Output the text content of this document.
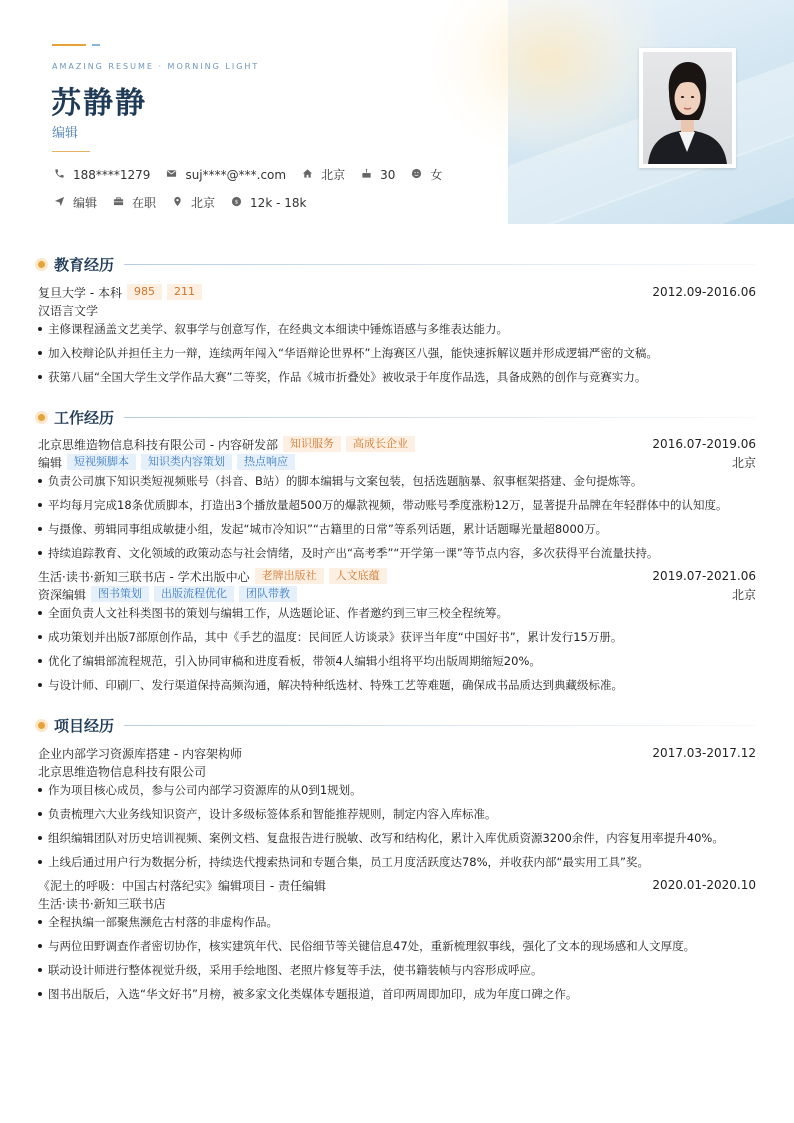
AMAZING RESUME · MORNING LIGHT
苏静静
编辑
188****1279	suj****@***.com	北京	30	女
编辑	在职	北京 $ 12k - 18k
教育经历
复旦大学 - 本科	985	211	2012.09-2016.06
汉语言文学
主修课程涵盖文艺美学、叙事学与创意写作，在经典文本细读中锤炼语感与多维表达能力。
加入校辩论队并担任主力一辩，连续两年闯入“华语辩论世界杯”上海赛区八强，能快速拆解议题并形成逻辑严密的文稿。
获第八届“全国大学生文学作品大赛”二等奖，作品《城市折叠处》被收录于年度作品选，具备成熟的创作与竞赛实力。
工作经历
北京思维造物信息科技有限公司 - 内容研发部	知识服务	高成长企业	2016.07-2019.06
编辑	短视频脚本	知识类内容策划	热点响应	北京
负责公司旗下知识类短视频账号（抖音、B站）的脚本编辑与文案包装，包括选题脑暴、叙事框架搭建、金句提炼等。
平均每月完成18条优质脚本，打造出3个播放量超500万的爆款视频，带动账号季度涨粉12万，显著提升品牌在年轻群体中的认知度。
与摄像、剪辑同事组成敏捷小组，发起“城市冷知识”“古籍里的日常”等系列话题，累计话题曝光量超8000万。
持续追踪教育、文化领域的政策动态与社会情绪，及时产出“高考季”“开学第一课”等节点内容，多次获得平台流量扶持。
生活·读书·新知三联书店 - 学术出版中心	老牌出版社	人文底蕴	2019.07-2021.06
资深编辑	图书策划	出版流程优化	团队带教	北京
全面负责人文社科类图书的策划与编辑工作，从选题论证、作者邀约到三审三校全程统筹。
成功策划并出版7部原创作品，其中《手艺的温度：民间匠人访谈录》获评当年度“中国好书”，累计发行15万册。
优化了编辑部流程规范，引入协同审稿和进度看板，带领4人编辑小组将平均出版周期缩短20%。
与设计师、印刷厂、发行渠道保持高频沟通，解决特种纸选材、特殊工艺等难题，确保成书品质达到典藏级标准。
项目经历
企业内部学习资源库搭建 - 内容架构师	2017.03-2017.12
北京思维造物信息科技有限公司
作为项目核心成员，参与公司内部学习资源库的从0到1规划。
负责梳理六大业务线知识资产，设计多级标签体系和智能推荐规则，制定内容入库标准。
组织编辑团队对历史培训视频、案例文档、复盘报告进行脱敏、改写和结构化，累计入库优质资源3200余件，内容复用率提升40%。
上线后通过用户行为数据分析，持续迭代搜索热词和专题合集，员工月度活跃度达78%，并收获内部“最实用工具”奖。
《泥土的呼吸：中国古村落纪实》编辑项目 - 责任编辑	2020.01-2020.10
生活·读书·新知三联书店
全程执编一部聚焦濒危古村落的非虚构作品。
与两位田野调查作者密切协作，核实建筑年代、民俗细节等关键信息47处，重新梳理叙事线，强化了文本的现场感和人文厚度。
联动设计师进行整体视觉升级，采用手绘地图、老照片修复等手法，使书籍装帧与内容形成呼应。
图书出版后，入选“华文好书”月榜，被多家文化类媒体专题报道，首印两周即加印，成为年度口碑之作。
